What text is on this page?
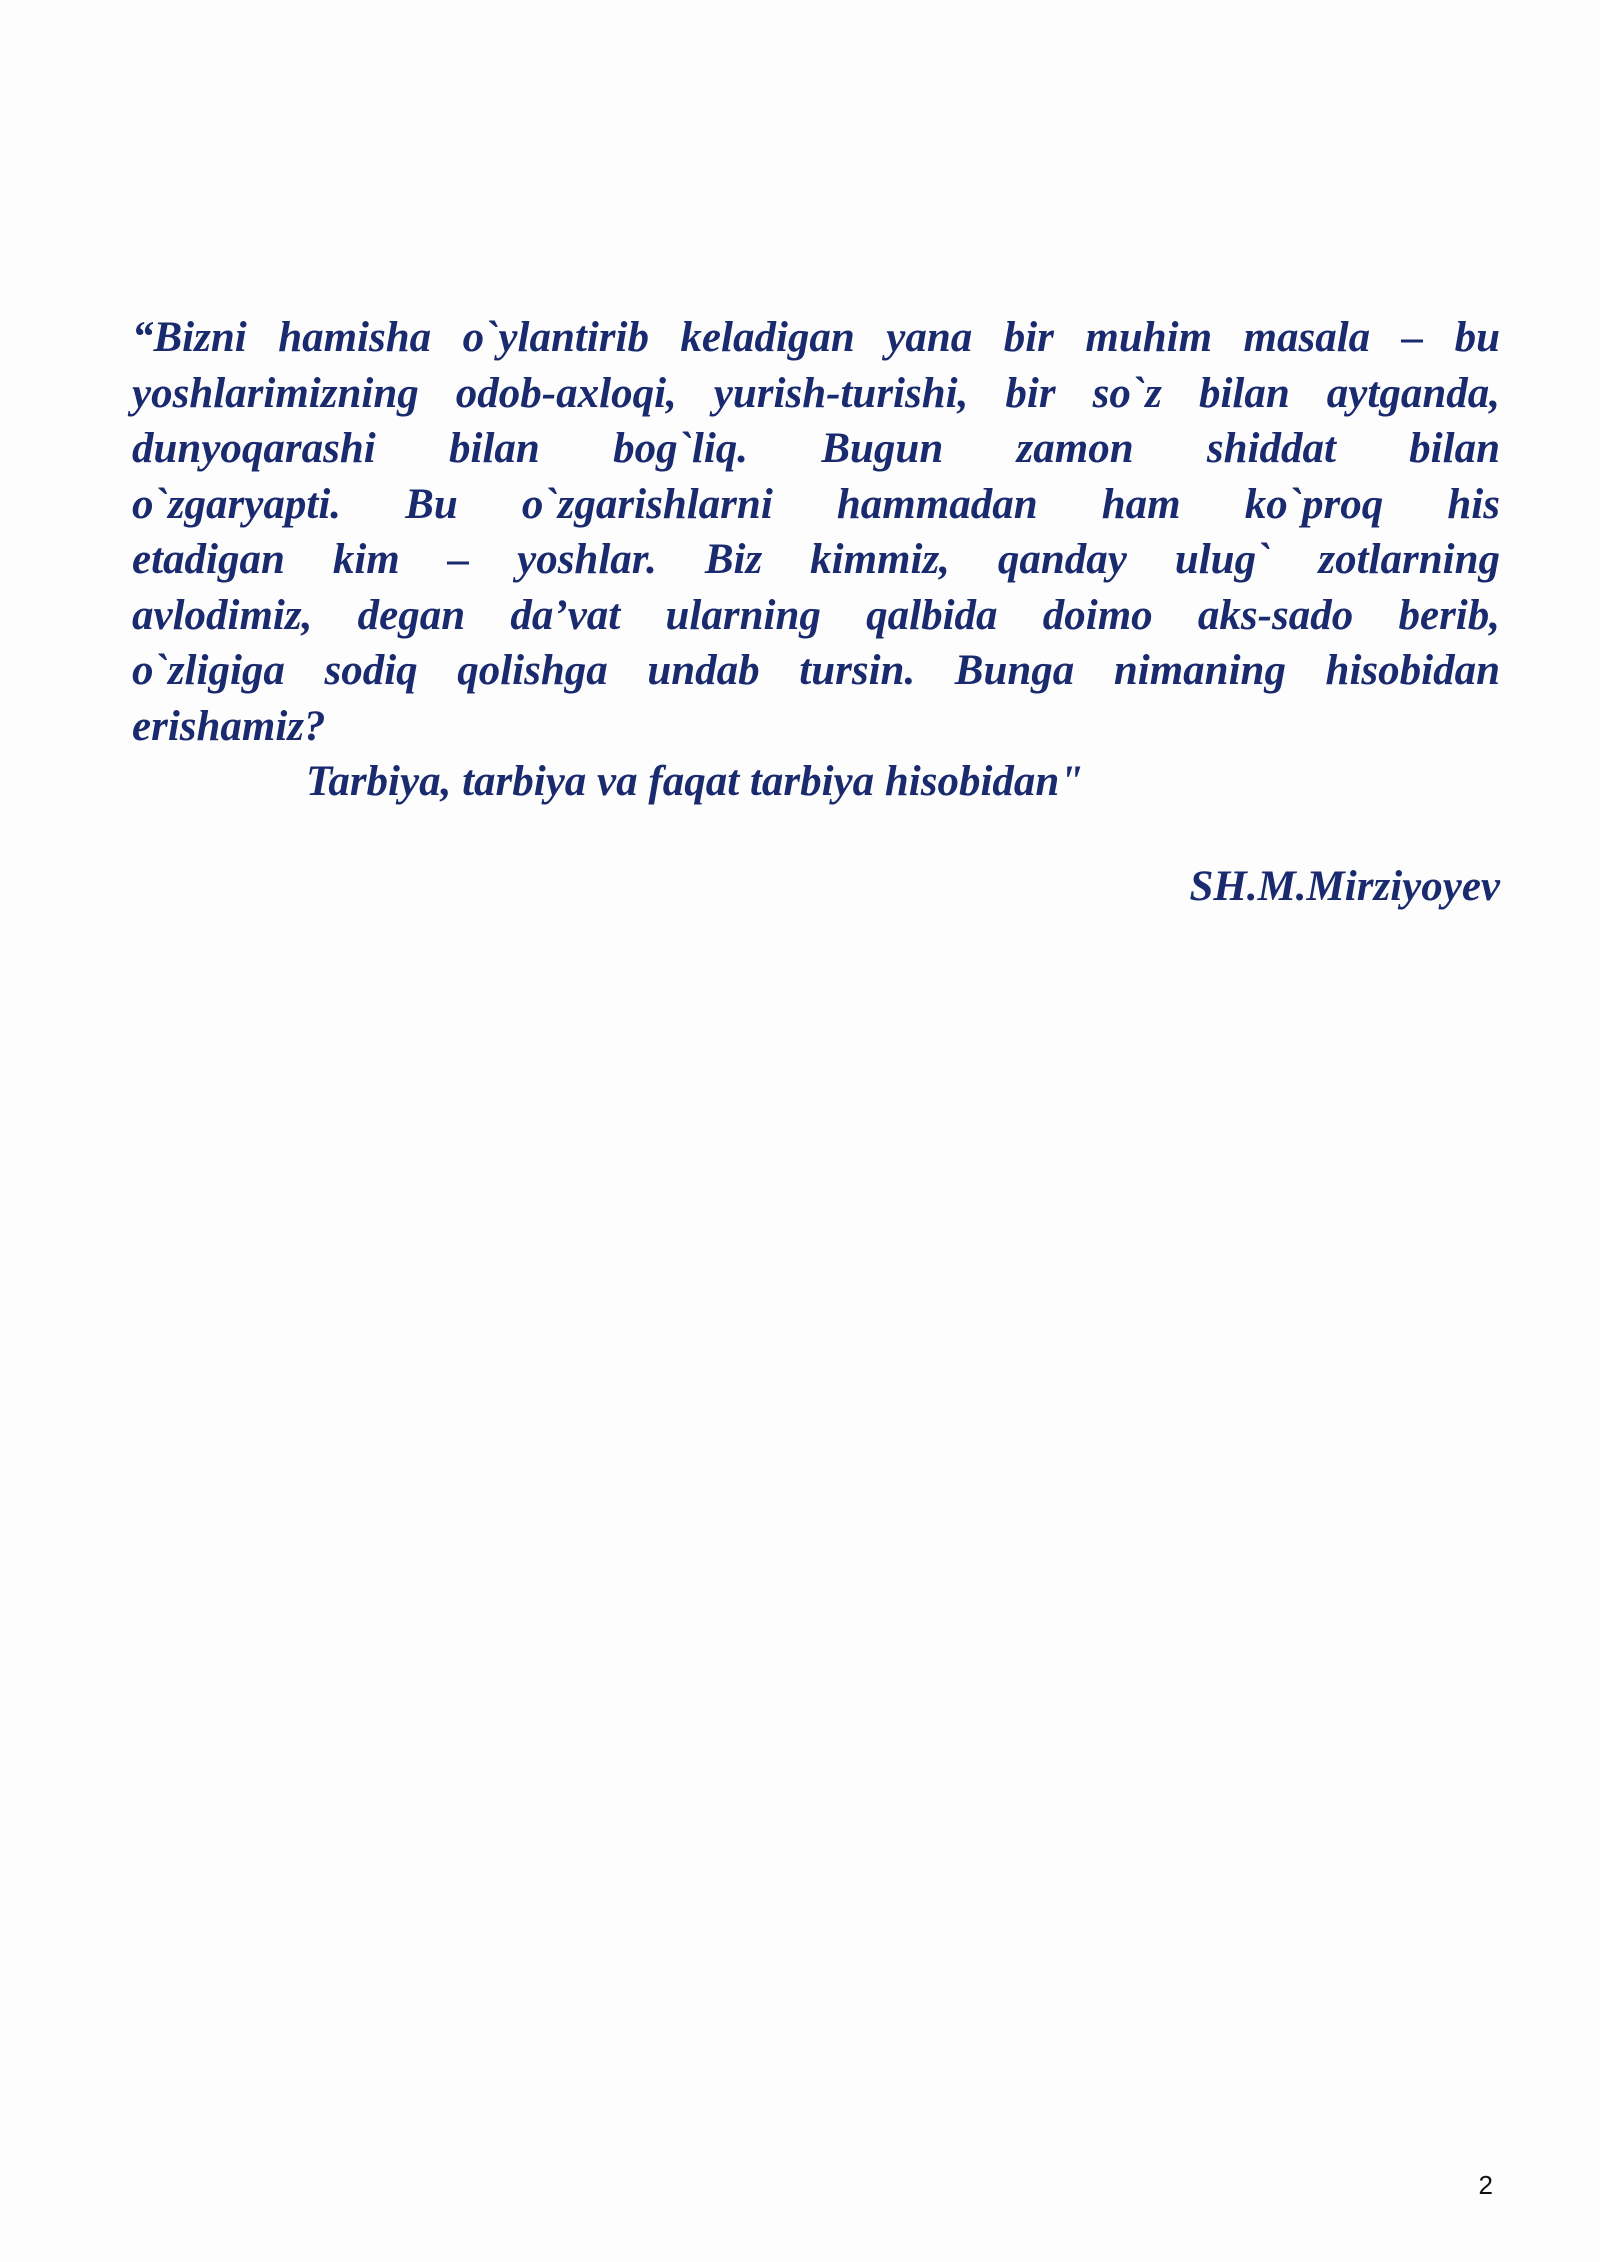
“Bizni hamisha o`ylantirib keladigan yana bir muhim masala – bu
yoshlarimizning odob-axloqi, yurish-turishi, bir so`z bilan aytganda,
dunyoqarashi bilan bog`liq. Bugun zamon shiddat bilan
o`zgaryapti. Bu o`zgarishlarni hammadan ham ko`proq his
etadigan kim – yoshlar. Biz kimmiz, qanday ulug` zotlarning
avlodimiz, degan da’vat ularning qalbida doimo aks-sado berib,
o`zligiga sodiq qolishga undab tursin. Bunga nimaning hisobidan
erishamiz?
Tarbiya, tarbiya va faqat tarbiya hisobidan"
SH.M.Mirziyoyev
2
